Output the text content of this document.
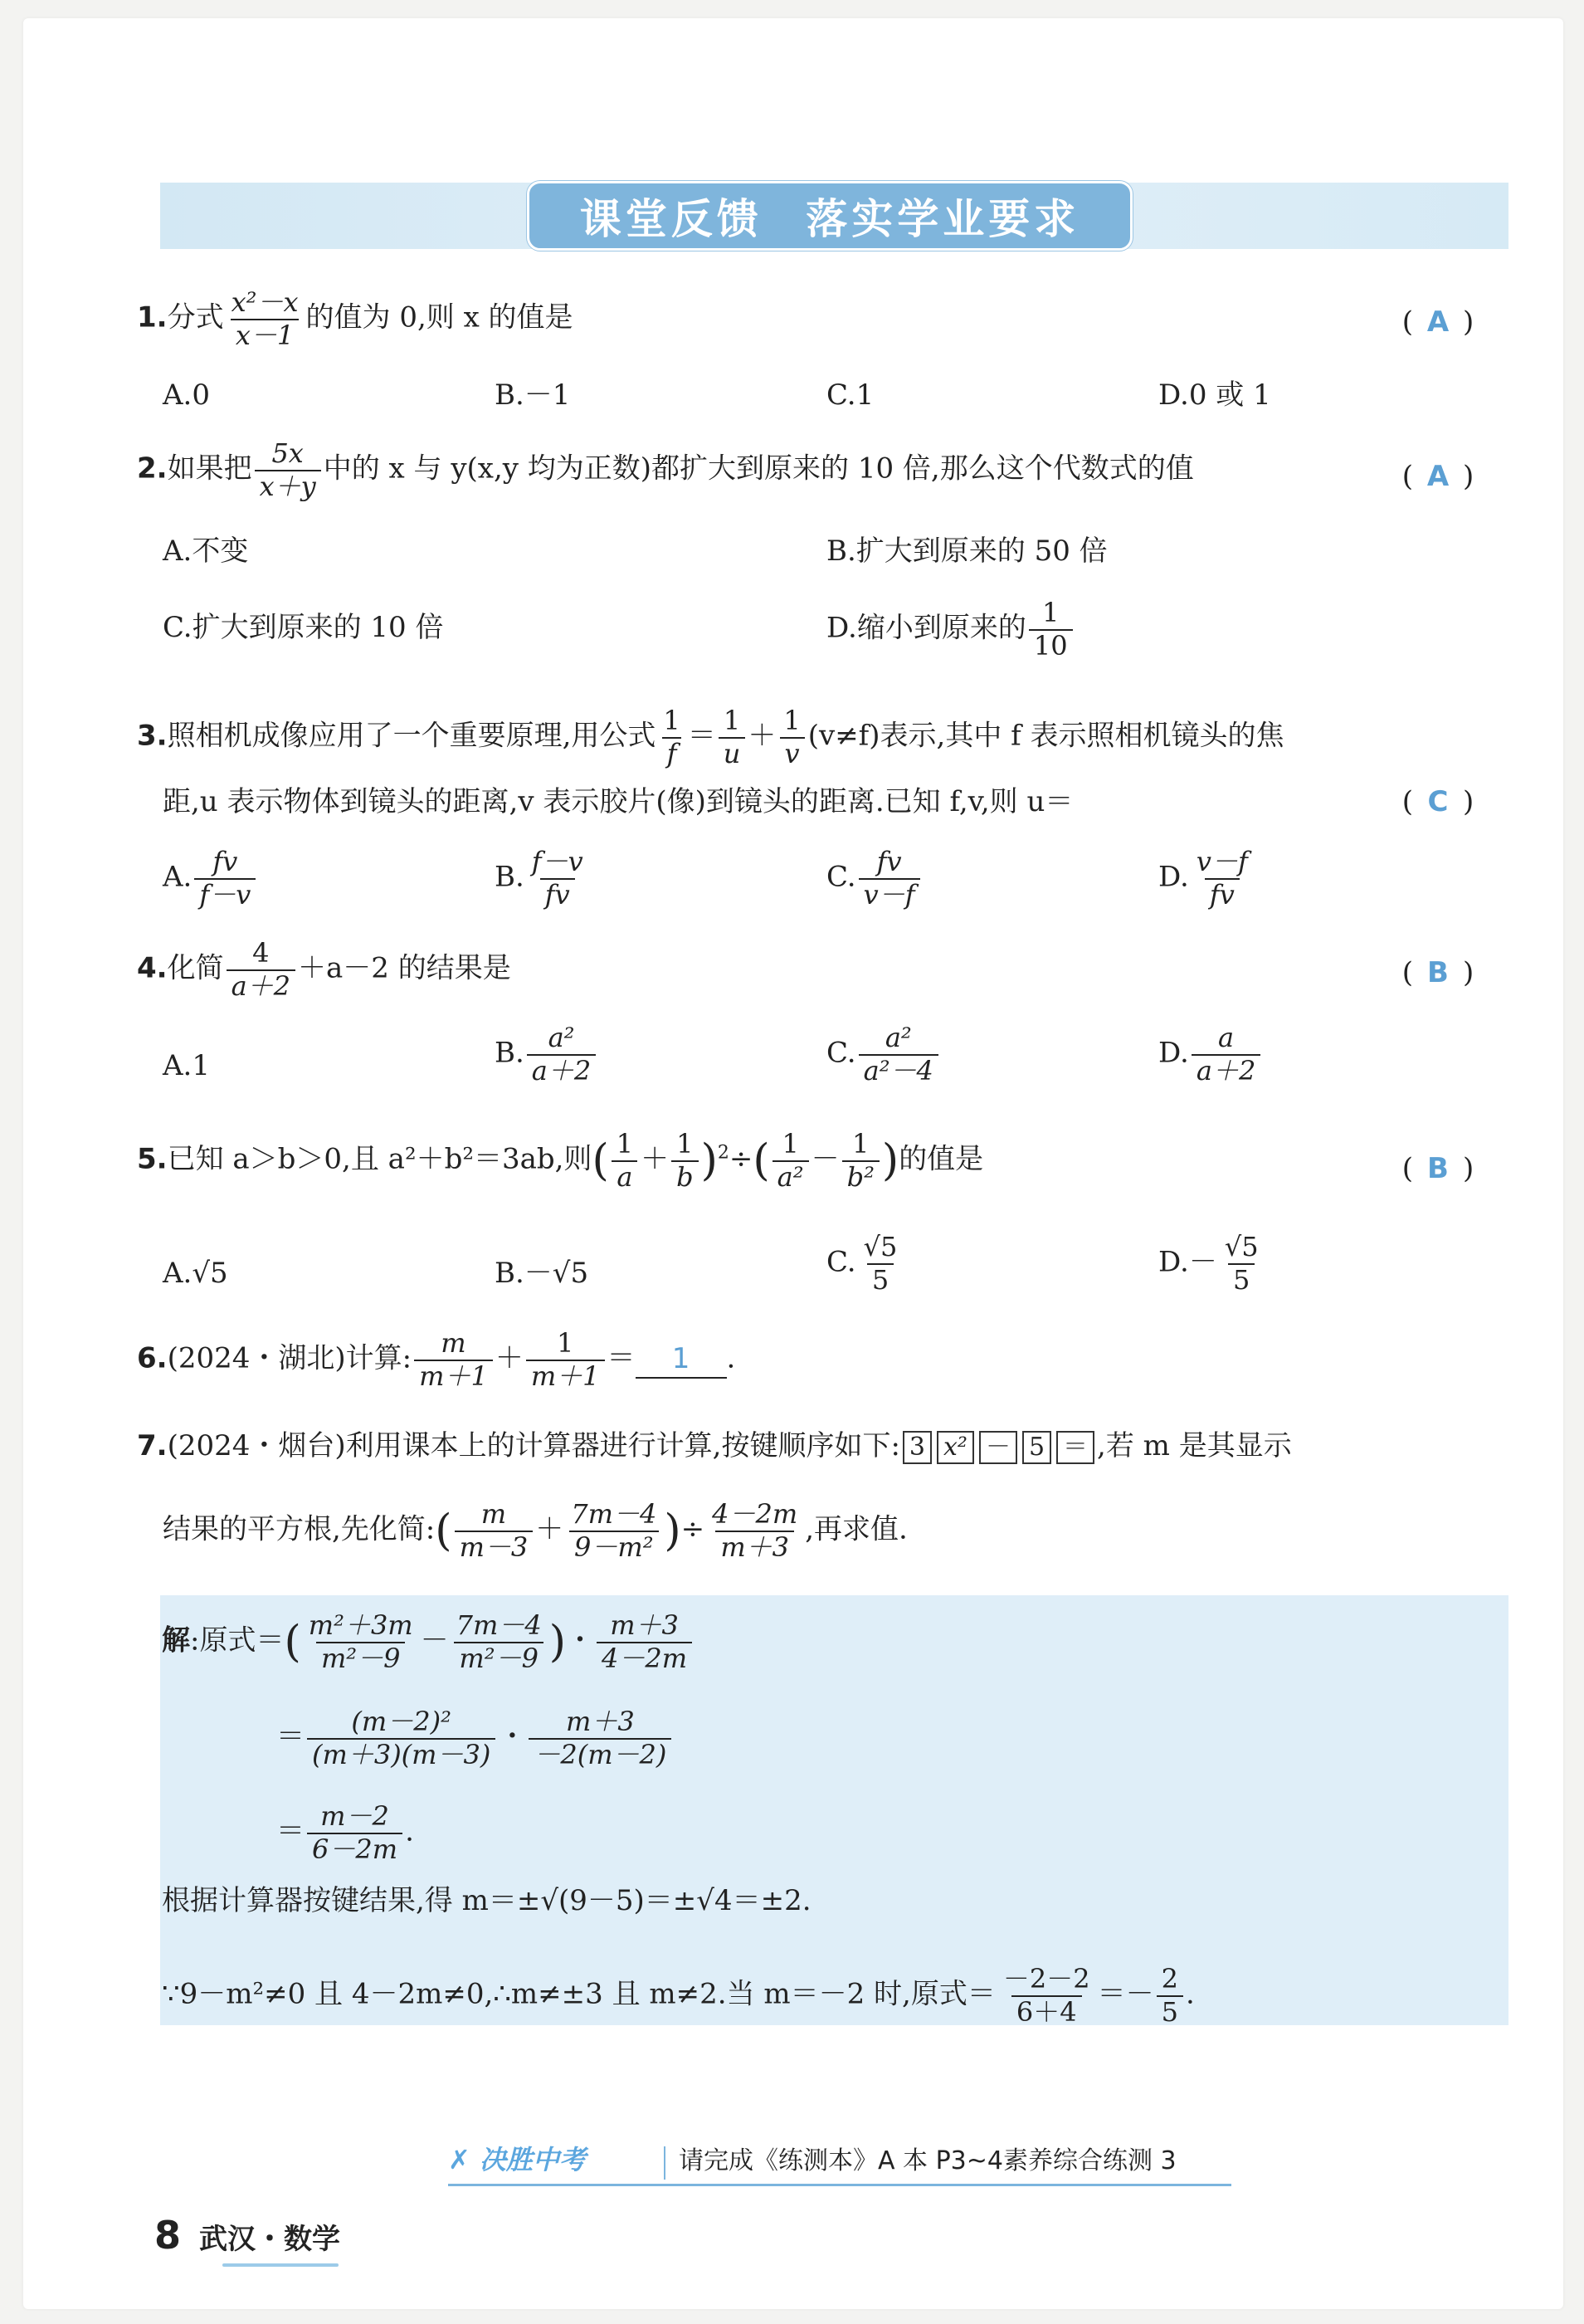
课堂反馈 落实学业要求
1.分式 $\frac{\text{x²－x}}{x-1}$ 的值为 0,则 x 的值是	( A )
A.0	B.－1	C.1	D.0 或 1
2.如果把 $\frac{5x}{x+y}$ 中的 x 与 y(x,y 均为正数)都扩大到原来的 10 倍,那么这个代数式的值	( A )
A.不变	B.扩大到原来的 50 倍
C.扩大到原来的 10 倍	D.缩小到原来的 $\frac{1}{10}$
3.照相机成像应用了一个重要原理,用公式 $\frac{1}{f} = \frac{1}{u} + \frac{1}{v} (v\ne f)$表示,其中 f 表示照相机镜头的焦
距,u 表示物体到镜头的距离,v 表示胶片(像)到镜头的距离.已知 f,v,则 u＝	( C )
A. $\frac{fv}{f-v}$	B. $\frac{f-v}{fv}$	C. $\frac{fv}{v-f}$	D. $\frac{v-f}{fv}$
4.化简 $\frac{4}{a+2} +a-2$ 的结果是	( B )
A.1	B. $\frac{\text{a²}}{a+2}$	C. $\frac{\text{a²}}{\text{a²－4}}$	D. $\frac{a}{a+2}$
5.已知 a＞b＞0,且 a²＋b²＝3ab,则( $\frac{1}{a} + \frac{1}{b} )^2\div( \frac{1}{\text{a²}} - \frac{1}{\text{b²}}$ )的值是	( B )
A.√5	B.－√5	C. $\frac{√5}{5}$	$D.- \frac{√5}{5}$
6.(2024・湖北)计算: $\frac{m}{m+1} + \frac{1}{m+1} = 1$ .
7.(2024・烟台)利用课本上的计算器进行计算,按键顺序如下: 3 x² － 5 ＝ ,若 m 是其显示
结果的平方根,先化简:( $\frac{m}{m-3} + \frac{7m-4}{\text{9－m²}}$ )÷ $\frac{4-2m}{m+3}$ ,再求值.
解:原式＝( $\frac{\text{m²＋3m}}{\text{m²－9}} - \frac{7m-4}{\text{m²－9}}$ )・ $\frac{m+3}{4-2m}$
＝ $\frac{\text{(m－2)²}}{(m+3)(m-3)}$ ・ $\frac{m+3}{-2(m-2)}$
＝ $\frac{m-2}{6-2m}$ .
根据计算器按键结果,得 m＝±√(9－5)＝±√4＝±2.
∵9－m²≠0 且 4－2m≠0,∴m≠±3 且 m≠2.当 m＝－2 时,原式＝ $\frac{-2-2}{6+4} =- \frac{2}{5}$ .
✗ 决胜中考	请完成《练测本》A 本 P3~4素养综合练测 3
8 武汉・数学
